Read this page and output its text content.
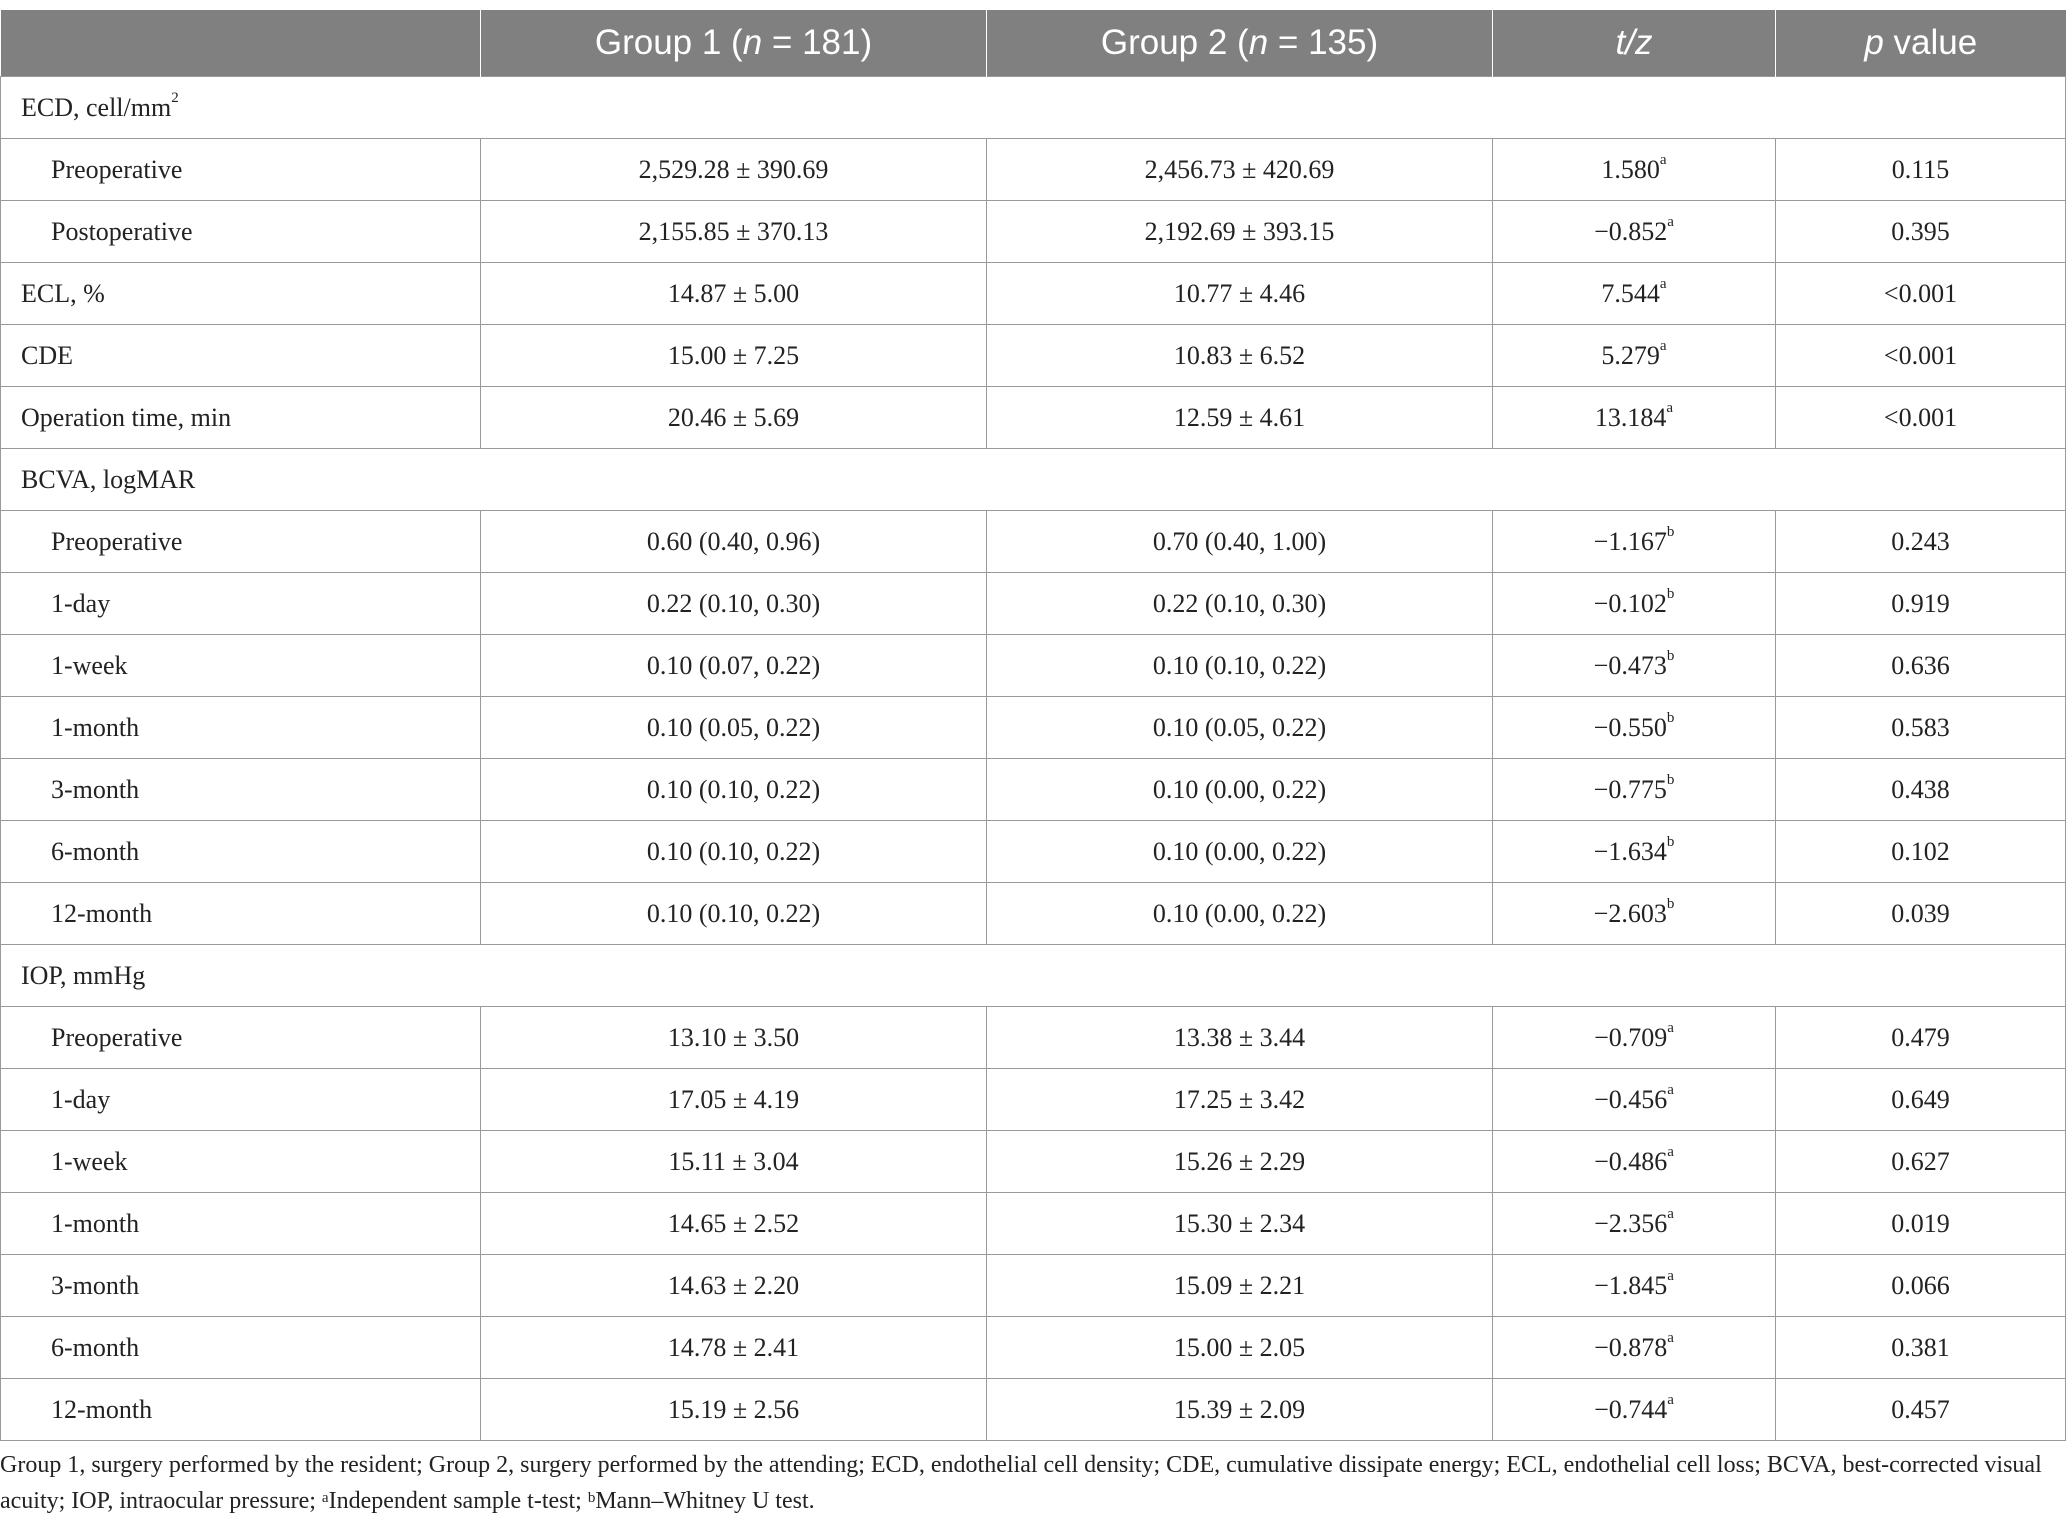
	Group 1 (n = 181)	Group 2 (n = 135)	t/z	p value
ECD, cell/$mm^2$
Preoperative	2,529.28 ± 390.69	2,456.73 ± 420.69	1.580$^a$	0.115
Postoperative	2,155.85 ± 370.13	2,192.69 ± 393.15	−0.852$^a$	0.395
ECL, %	14.87 ± 5.00	10.77 ± 4.46	7.544$^a$	<0.001
CDE	15.00 ± 7.25	10.83 ± 6.52	5.279$^a$	<0.001
Operation time, min	20.46 ± 5.69	12.59 ± 4.61	13.184$^a$	<0.001
BCVA, logMAR				
Preoperative	0.60 (0.40, 0.96)	0.70 (0.40, 1.00)	−1.167$^b$	0.243
1-day	0.22 (0.10, 0.30)	0.22 (0.10, 0.30)	−0.102$^b$	0.919
1-week	0.10 (0.07, 0.22)	0.10 (0.10, 0.22)	−0.473$^b$	0.636
1-month	0.10 (0.05, 0.22)	0.10 (0.05, 0.22)	−0.550$^b$	0.583
3-month	0.10 (0.10, 0.22)	0.10 (0.00, 0.22)	−0.775$^b$	0.438
6-month	0.10 (0.10, 0.22)	0.10 (0.00, 0.22)	−1.634$^b$	0.102
12-month	0.10 (0.10, 0.22)	0.10 (0.00, 0.22)	−2.603$^b$	0.039
IOP, mmHg				
Preoperative	13.10 ± 3.50	13.38 ± 3.44	−0.709$^a$	0.479
1-day	17.05 ± 4.19	17.25 ± 3.42	−0.456$^a$	0.649
1-week	15.11 ± 3.04	15.26 ± 2.29	−0.486$^a$	0.627
1-month	14.65 ± 2.52	15.30 ± 2.34	−2.356$^a$	0.019
3-month	14.63 ± 2.20	15.09 ± 2.21	−1.845$^a$	0.066
6-month	14.78 ± 2.41	15.00 ± 2.05	−0.878$^a$	0.381
12-month	15.19 ± 2.56	15.39 ± 2.09	−0.744$^a$	0.457
Group 1, surgery performed by the resident; Group 2, surgery performed by the attending; ECD, endothelial cell density; CDE, cumulative dissipate energy; ECL, endothelial cell loss; BCVA, best-corrected visual acuity; IOP, intraocular pressure; $^a$Independent sample t-test; $^b$Mann–Whitney U test.
